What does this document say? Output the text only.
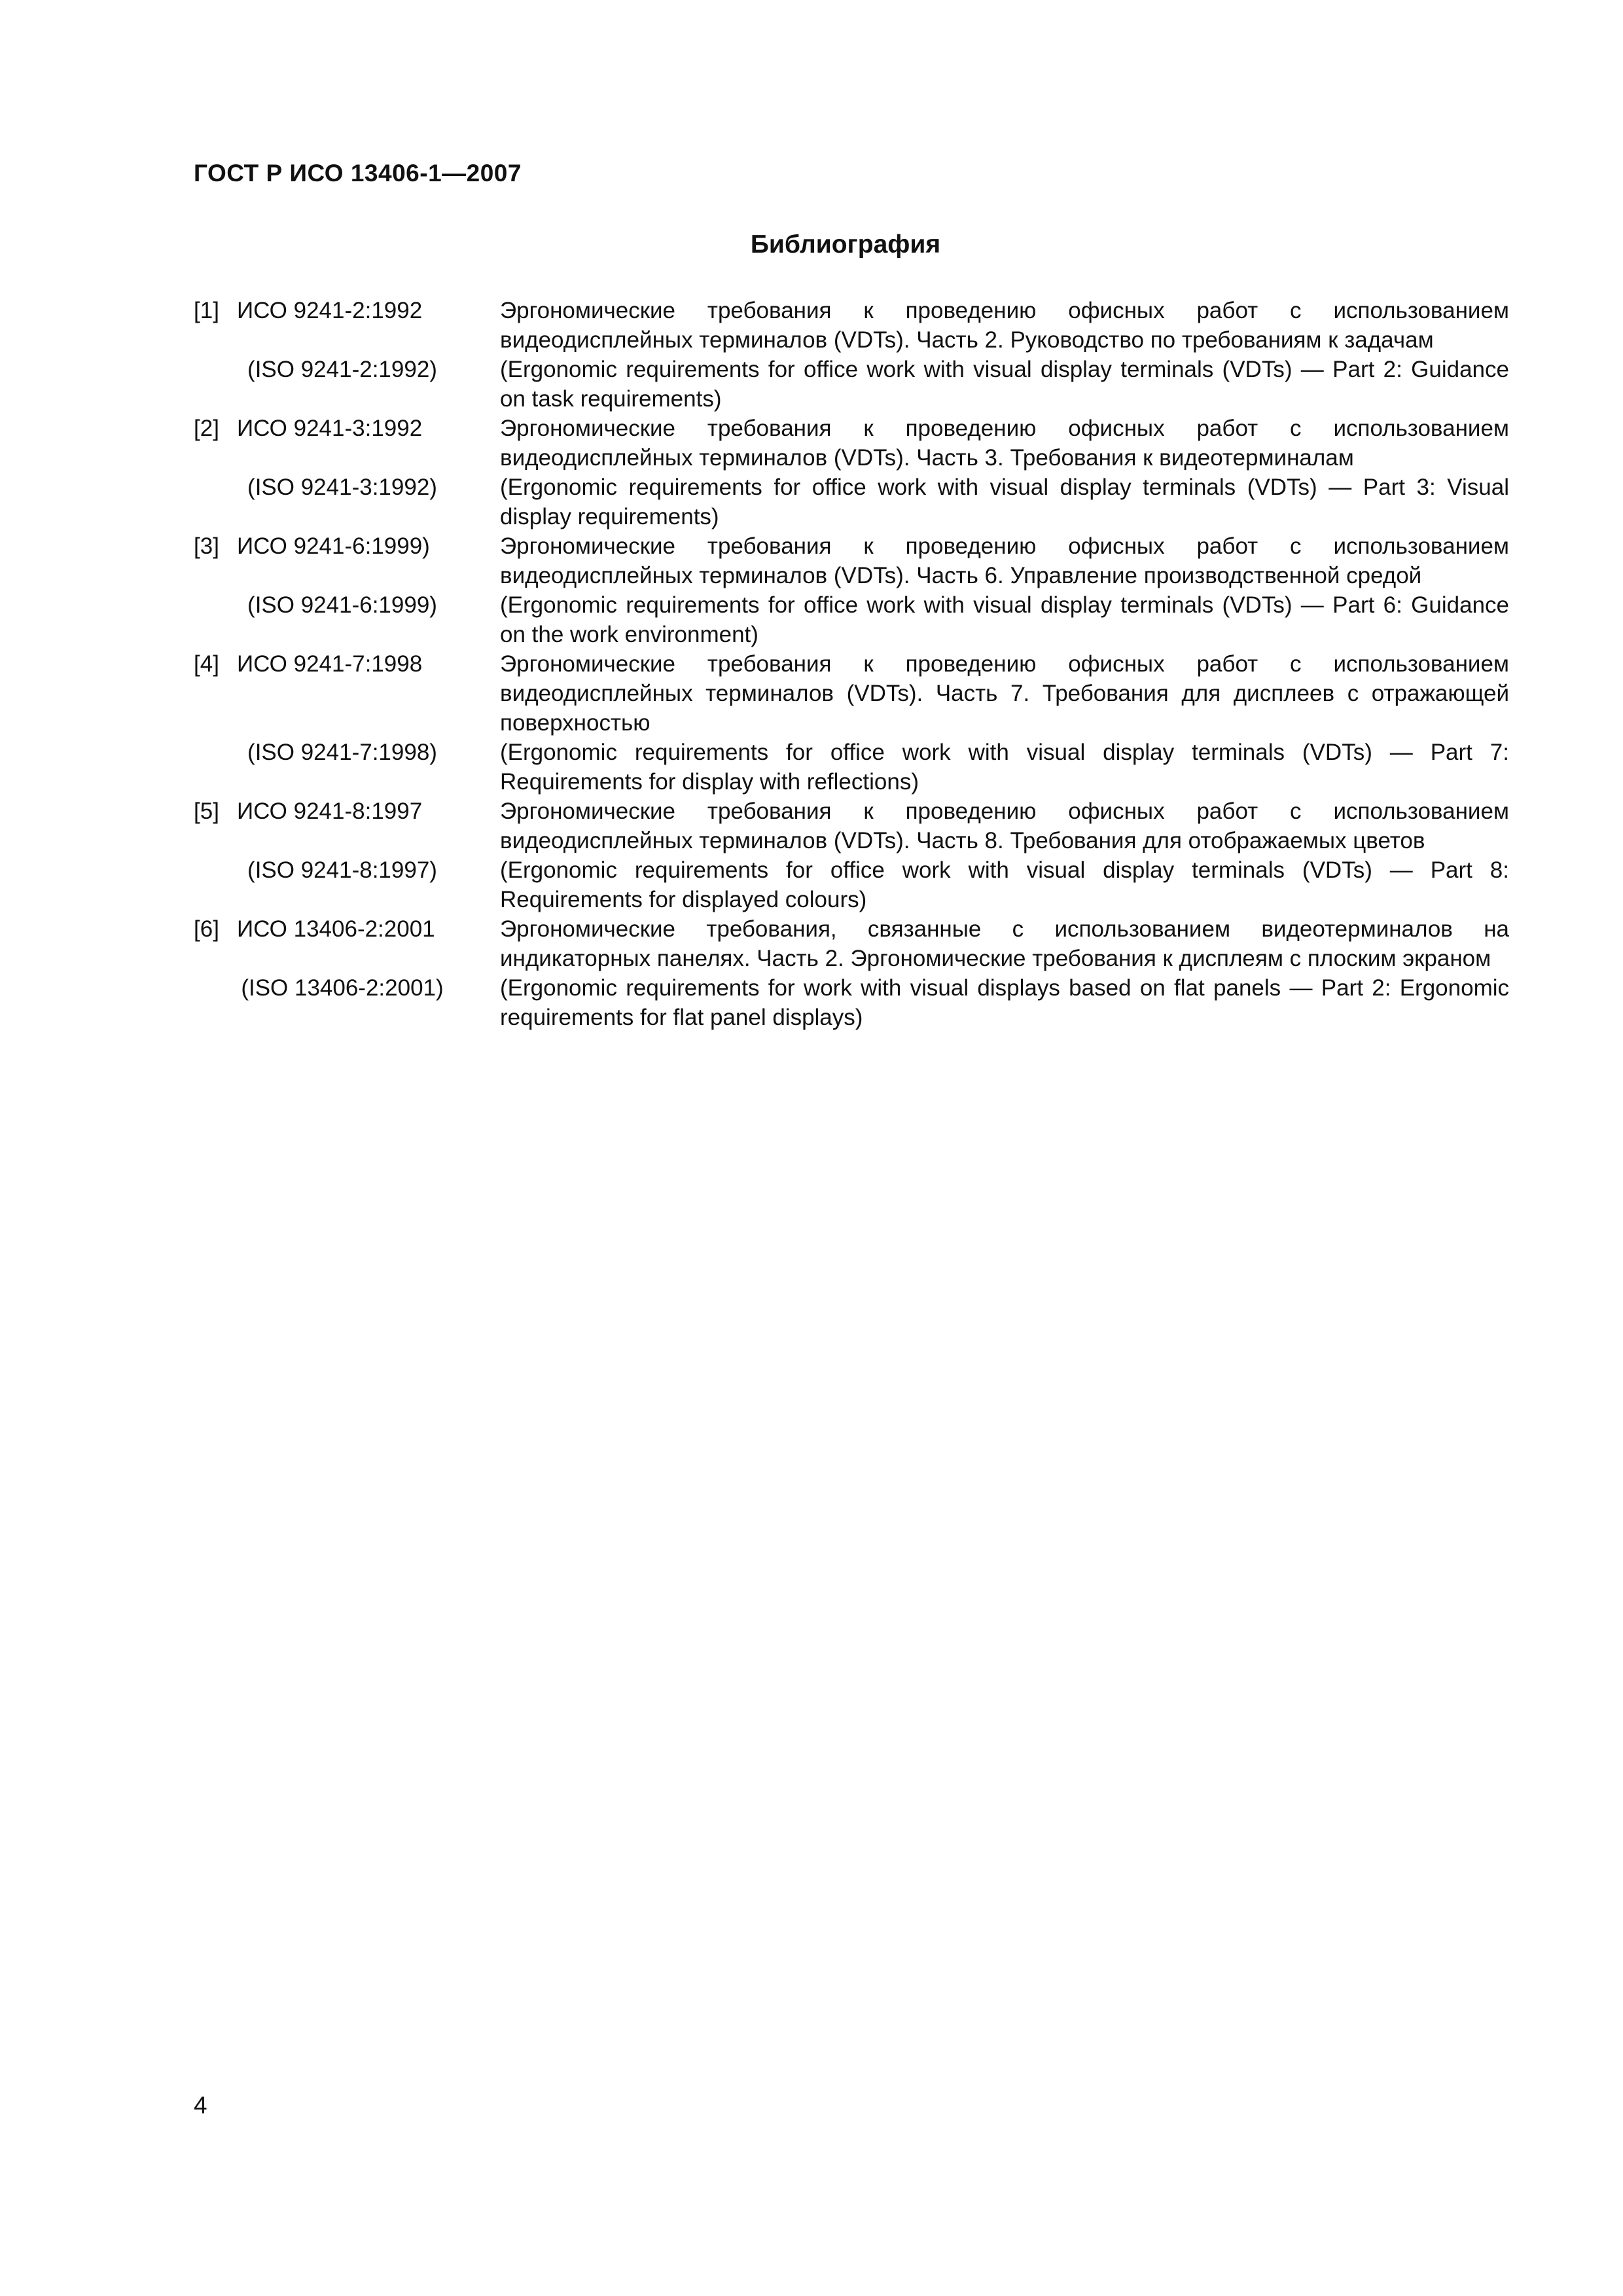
ГОСТ Р ИСО 13406-1—2007

Библиография
[1] ИСО 9241-2:1992	Эргономические требования к проведению офисных работ с использованием видеодисплейных терминалов (VDTs). Часть 2. Руководство по требованиям к задачам

(ISO 9241-2:1992)	(Ergonomic requirements for office work with visual display terminals (VDTs) — Part 2: Guidance on task requirements)

[2] ИСО 9241-3:1992	Эргономические требования к проведению офисных работ с использованием видеодисплейных терминалов (VDTs). Часть 3. Требования к видеотерминалам

(ISO 9241-3:1992)	(Ergonomic requirements for office work with visual display terminals (VDTs) — Part 3: Visual display requirements)

[3] ИСО 9241-6:1999)	Эргономические требования к проведению офисных работ с использованием видеодисплейных терминалов (VDTs). Часть 6. Управление производственной средой

(ISO 9241-6:1999)	(Ergonomic requirements for office work with visual display terminals (VDTs) — Part 6: Guidance on the work environment)

[4] ИСО 9241-7:1998	Эргономические требования к проведению офисных работ с использованием видеодисплейных терминалов (VDTs). Часть 7. Требования для дисплеев с отражающей поверхностью

(ISO 9241-7:1998)	(Ergonomic requirements for office work with visual display terminals (VDTs) — Part 7: Requirements for display with reflections)

[5] ИСО 9241-8:1997	Эргономические требования к проведению офисных работ с использованием видеодисплейных терминалов (VDTs). Часть 8. Требования для отображаемых цветов

(ISO 9241-8:1997)	(Ergonomic requirements for office work with visual display terminals (VDTs) — Part 8: Requirements for displayed colours)

[6] ИСО 13406-2:2001	Эргономические требования, связанные с использованием видеотерминалов на индикаторных панелях. Часть 2. Эргономические требования к дисплеям с плоским экраном

(ISO 13406-2:2001)	(Ergonomic requirements for work with visual displays based on flat panels — Part 2: Ergonomic requirements for flat panel displays)

4
